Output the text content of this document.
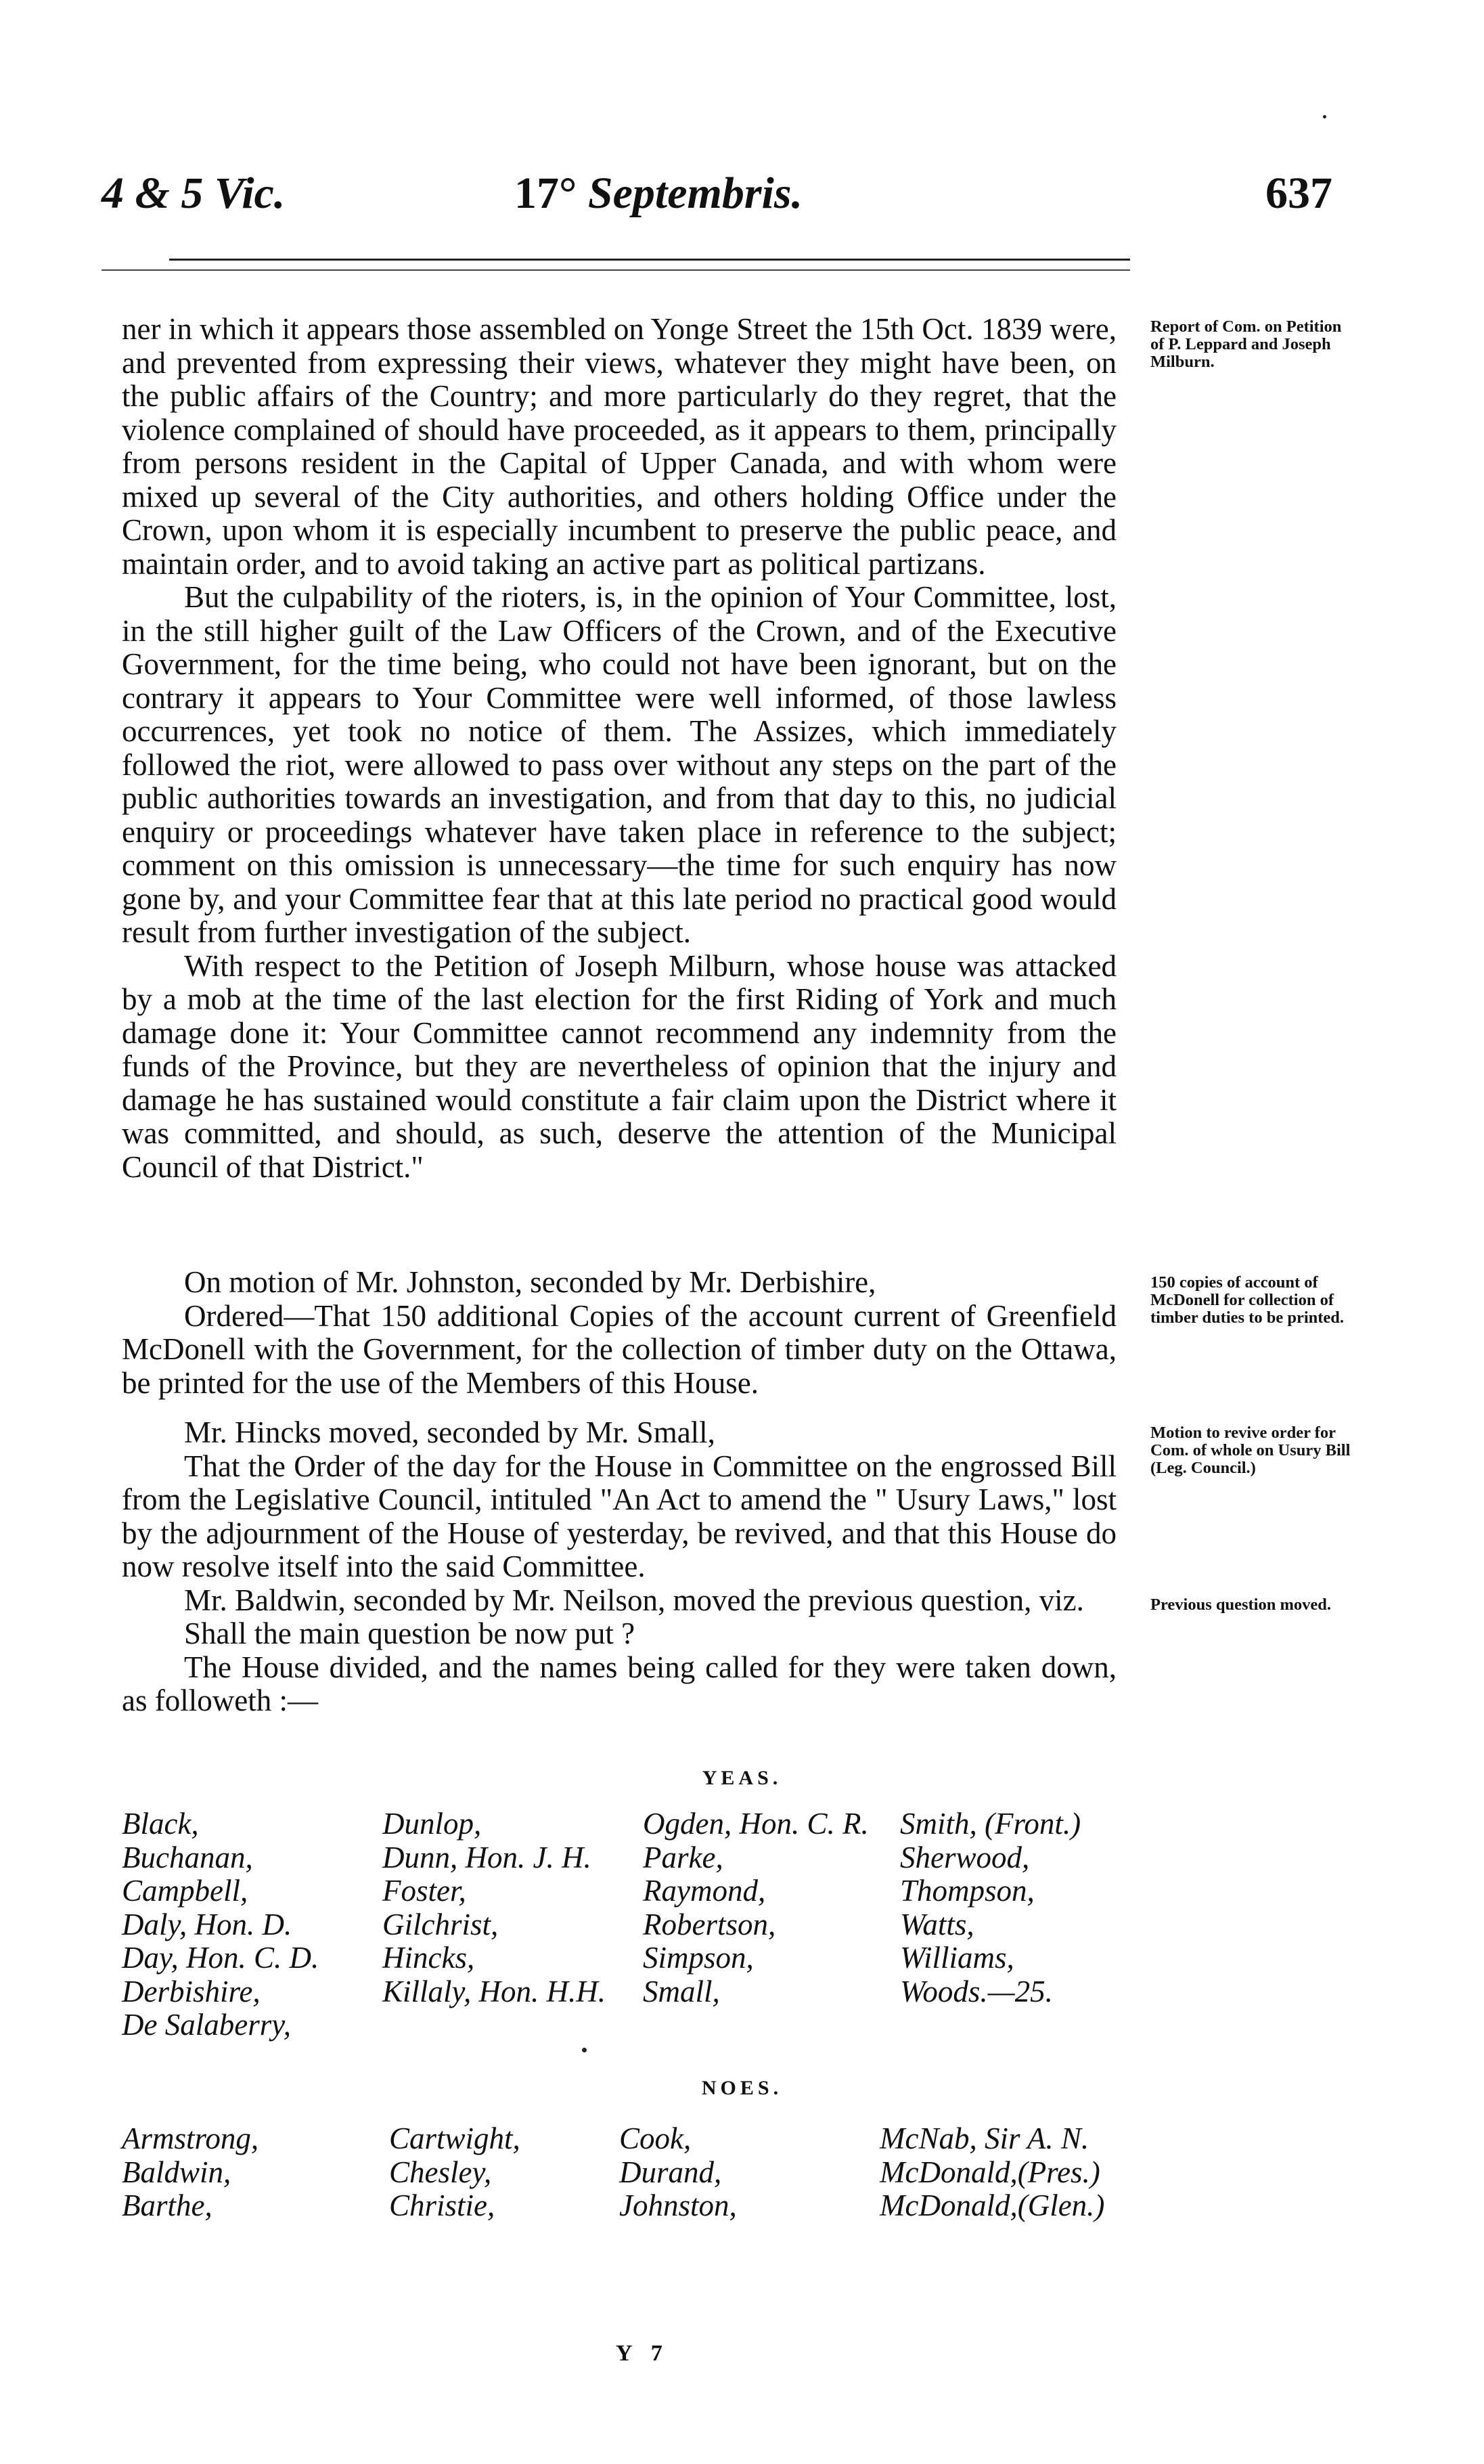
4 & 5 Vic.	17° Septembris.	637

ner in which it appears those assembled on Yonge Street the 15th Oct. 1839 were, and prevented from expressing their views, whatever they might have been, on the public affairs of the Country; and more particularly do they regret, that the violence complained of should have proceeded, as it appears to them, principally from persons resident in the Capital of Upper Canada, and with whom were mixed up several of the City authorities, and others holding Office under the Crown, upon whom it is especially incumbent to preserve the public peace, and maintain order, and to avoid taking an active part as political partizans.

But the culpability of the rioters, is, in the opinion of Your Committee, lost, in the still higher guilt of the Law Officers of the Crown, and of the Executive Government, for the time being, who could not have been ignorant, but on the contrary it appears to Your Committee were well informed, of those lawless occurrences, yet took no notice of them. The Assizes, which immediately followed the riot, were allowed to pass over without any steps on the part of the public authorities towards an investigation, and from that day to this, no judicial enquiry or proceedings whatever have taken place in reference to the subject; comment on this omission is unnecessary—the time for such enquiry has now gone by, and your Committee fear that at this late period no practical good would result from further investigation of the subject.

With respect to the Petition of Joseph Milburn, whose house was attacked by a mob at the time of the last election for the first Riding of York and much damage done it: Your Committee cannot recommend any indemnity from the funds of the Province, but they are nevertheless of opinion that the injury and damage he has sustained would constitute a fair claim upon the District where it was committed, and should, as such, deserve the attention of the Municipal Council of that District."

On motion of Mr. Johnston, seconded by Mr. Derbishire,

Ordered—That 150 additional Copies of the account current of Greenfield McDonell with the Government, for the collection of timber duty on the Ottawa, be printed for the use of the Members of this House.

Mr. Hincks moved, seconded by Mr. Small,

That the Order of the day for the House in Committee on the engrossed Bill from the Legislative Council, intituled "An Act to amend the " Usury Laws," lost by the adjournment of the House of yesterday, be revived, and that this House do now resolve itself into the said Committee.

Mr. Baldwin, seconded by Mr. Neilson, moved the previous question, viz.

Shall the main question be now put ?

The House divided, and the names being called for they were taken down, as followeth :—

Report of Com. on Petition of P. Leppard and Joseph Milburn.
150 copies of account of McDonell for collection of timber duties to be printed.
Motion to revive order for Com. of whole on Usury Bill (Leg. Council.)
Previous question moved.
YEAS.
Black,
Buchanan,
Campbell,
Daly, Hon. D.
Day, Hon. C. D.
Derbishire,
De Salaberry,
Dunlop,
Dunn, Hon. J. H.
Foster,
Gilchrist,
Hincks,
Killaly, Hon. H.H.
Ogden, Hon. C. R.
Parke,
Raymond,
Robertson,
Simpson,
Small,
Smith, (Front.)
Sherwood,
Thompson,
Watts,
Williams,
Woods.—25.
NOES.
Armstrong,
Baldwin,
Barthe,
Cartwight,
Chesley,
Christie,
Cook,
Durand,
Johnston,
McNab, Sir A. N.
McDonald,(Pres.)
McDonald,(Glen.)
Y 7
